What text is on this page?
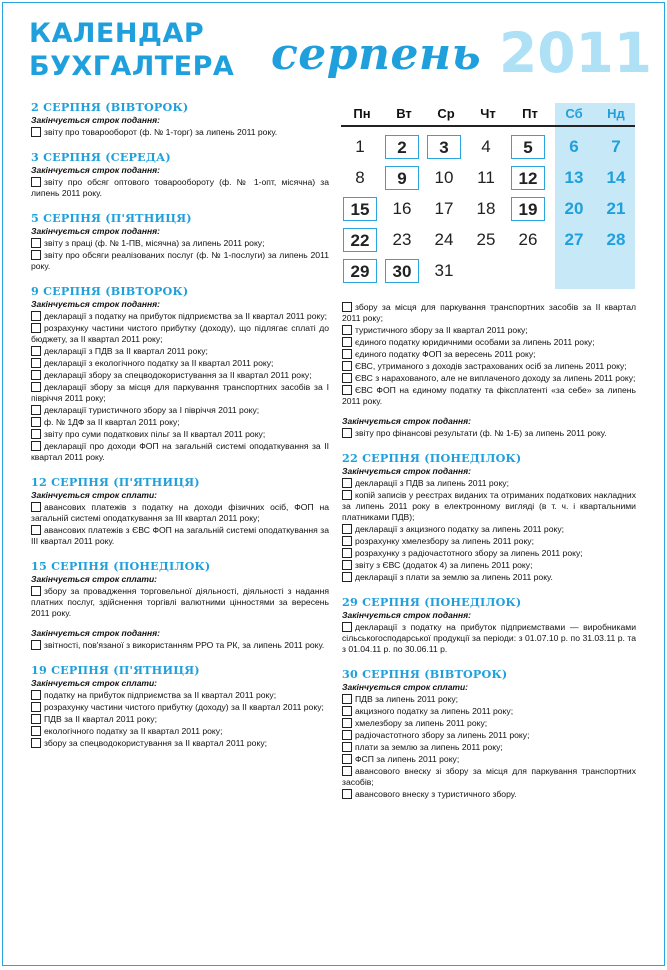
КАЛЕНДАР
БУХГАЛТЕРА серпень 2011
Пн	Вт	Ср	Чт	Пт	Сб	Нд
1	2	3	4	5	6	7
8	9	10	11	12	13	14
15	16	17	18	19	20	21
22	23	24	25	26	27	28
29	30	31
2 СЕРПНЯ (ВІВТОРОК)
Закінчується строк подання:
звіту про товарооборот (ф. № 1-торг) за липень 2011 року.
3 СЕРПНЯ (СЕРЕДА)
Закінчується строк подання:
звіту про обсяг оптового товарообороту (ф. № 1-опт, місячна) за липень 2011 року.
5 СЕРПНЯ (П'ЯТНИЦЯ)
Закінчується строк подання:
звіту з праці (ф. № 1-ПВ, місячна) за липень 2011 року;
звіту про обсяги реалізованих послуг (ф. № 1-послуги) за липень 2011 року.
9 СЕРПНЯ (ВІВТОРОК)
Закінчується строк подання:
декларації з податку на прибуток підприємства за II квартал 2011 року;
розрахунку частини чистого прибутку (доходу), що підлягає сплаті до бюджету, за II квартал 2011 року;
декларації з ПДВ за II квартал 2011 року;
декларації з екологічного податку за II квартал 2011 року;
декларації збору за спецводокористування за II квартал 2011 року;
декларації збору за місця для паркування транспортних засобів за I півріччя 2011 року;
декларації туристичного збору за I півріччя 2011 року;
ф. № 1ДФ за II квартал 2011 року;
звіту про суми податкових пільг за II квартал 2011 року;
декларації про доходи ФОП на загальній системі оподаткування за II квартал 2011 року.
12 СЕРПНЯ (П'ЯТНИЦЯ)
Закінчується строк сплати:
авансових платежів з податку на доходи фізичних осіб, ФОП на загальній системі оподаткування за III квартал 2011 року;
авансових платежів з ЄВС ФОП на загальній системі оподаткування за III квартал 2011 року.
15 СЕРПНЯ (ПОНЕДІЛОК)
Закінчується строк сплати:
збору за провадження торговельної діяльності, діяльності з надання платних послуг, здійснення торгівлі валютними цінностями за вересень 2011 року.
Закінчується строк подання:
звітності, пов'язаної з використанням РРО та РК, за липень 2011 року.
19 СЕРПНЯ (П'ЯТНИЦЯ)
Закінчується строк сплати:
податку на прибуток підприємства за II квартал 2011 року;
розрахунку частини чистого прибутку (доходу) за II квартал 2011 року;
ПДВ за II квартал 2011 року;
екологічного податку за II квартал 2011 року;
збору за спецводокористування за II квартал 2011 року;
збору за місця для паркування транспортних засобів за II квартал 2011 року;
туристичного збору за II квартал 2011 року;
єдиного податку юридичними особами за липень 2011 року;
єдиного податку ФОП за вересень 2011 року;
ЄВС, утриманого з доходів застрахованих осіб за липень 2011 року;
ЄВС з нарахованого, але не виплаченого доходу за липень 2011 року;
ЄВС ФОП на єдиному податку та фіксплатенті «за себе» за липень 2011 року.
Закінчується строк подання:
звіту про фінансові результати (ф. № 1-Б) за липень 2011 року.
22 СЕРПНЯ (ПОНЕДІЛОК)
Закінчується строк подання:
декларації з ПДВ за липень 2011 року;
копій записів у реєстрах виданих та отриманих податкових накладних за липень 2011 року в електронному вигляді (в т. ч. і квартальними платниками ПДВ);
декларації з акцизного податку за липень 2011 року;
розрахунку хмелезбору за липень 2011 року;
розрахунку з радіочастотного збору за липень 2011 року;
звіту з ЄВС (додаток 4) за липень 2011 року;
декларації з плати за землю за липень 2011 року.
29 СЕРПНЯ (ПОНЕДІЛОК)
Закінчується строк подання:
декларації з податку на прибуток підприємствами — виробниками сільськогосподарської продукції за періоди: з 01.07.10 р. по 31.03.11 р. та з 01.04.11 р. по 30.06.11 р.
30 СЕРПНЯ (ВІВТОРОК)
Закінчується строк сплати:
ПДВ за липень 2011 року;
акцизного податку за липень 2011 року;
хмелезбору за липень 2011 року;
радіочастотного збору за липень 2011 року;
плати за землю за липень 2011 року;
ФСП за липень 2011 року;
авансового внеску зі збору за місця для паркування транспортних засобів;
авансового внеску з туристичного збору.
